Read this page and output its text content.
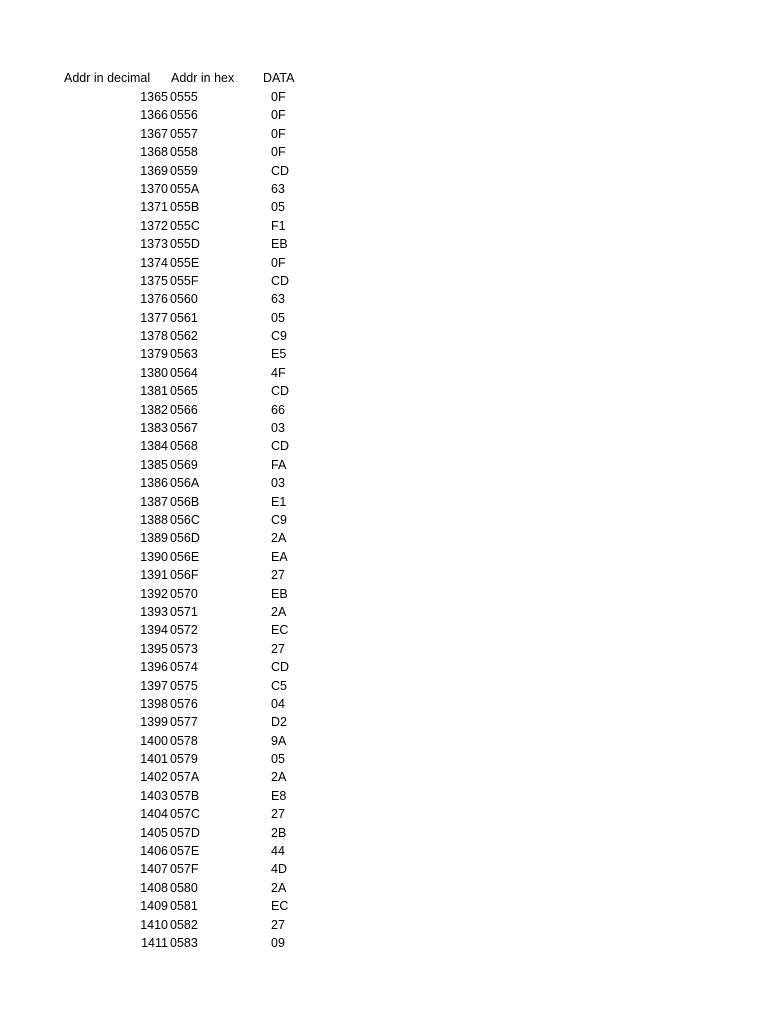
Addr in decimal Addr in hex DATA
1365 0555	0F
1366 0556	0F
1367 0557	0F
1368 0558	0F
1369 0559	CD
1370 055A	63
1371 055B	05
1372 055C	F1
1373 055D	EB
1374 055E	0F
1375 055F	CD
1376 0560	63
1377 0561	05
1378 0562	C9
1379 0563	E5
1380 0564	4F
1381 0565	CD
1382 0566	66
1383 0567	03
1384 0568	CD
1385 0569	FA
1386 056A	03
1387 056B	E1
1388 056C	C9
1389 056D	2A
1390 056E	EA
1391 056F	27
1392 0570	EB
1393 0571	2A
1394 0572	EC
1395 0573	27
1396 0574	CD
1397 0575	C5
1398 0576	04
1399 0577	D2
1400 0578	9A
1401 0579	05
1402 057A	2A
1403 057B	E8
1404 057C	27
1405 057D	2B
1406 057E	44
1407 057F	4D
1408 0580	2A
1409 0581	EC
1410 0582	27
1411 0583	09
